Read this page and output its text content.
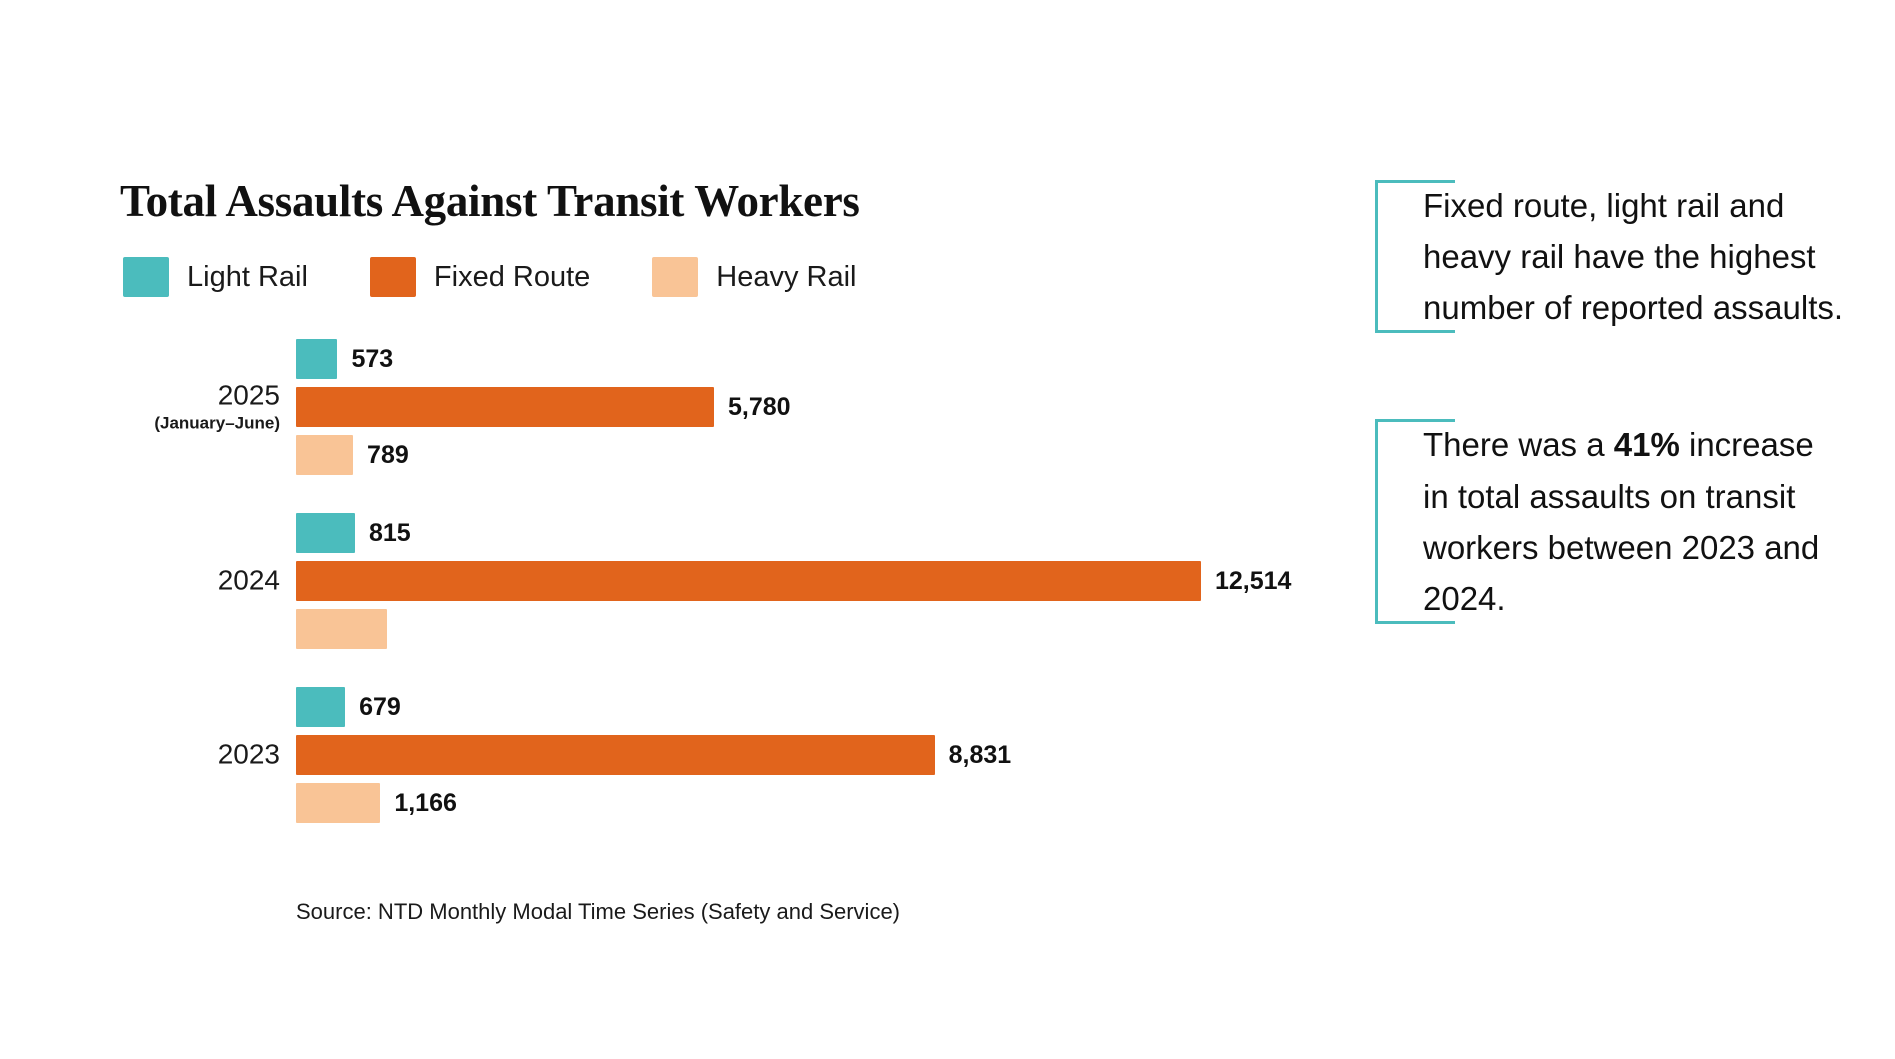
Total Assaults Against Transit Workers
Light Rail	Fixed Route	Heavy Rail
2025
(January–June)
573
5,780
789
2024
815
12,514
2023
679
8,831
1,166
Source: NTD Monthly Modal Time Series (Safety and Service)
Fixed route, light rail and heavy rail have the highest number of reported assaults.
There was a 41% increase in total assaults on transit workers between 2023 and 2024.
